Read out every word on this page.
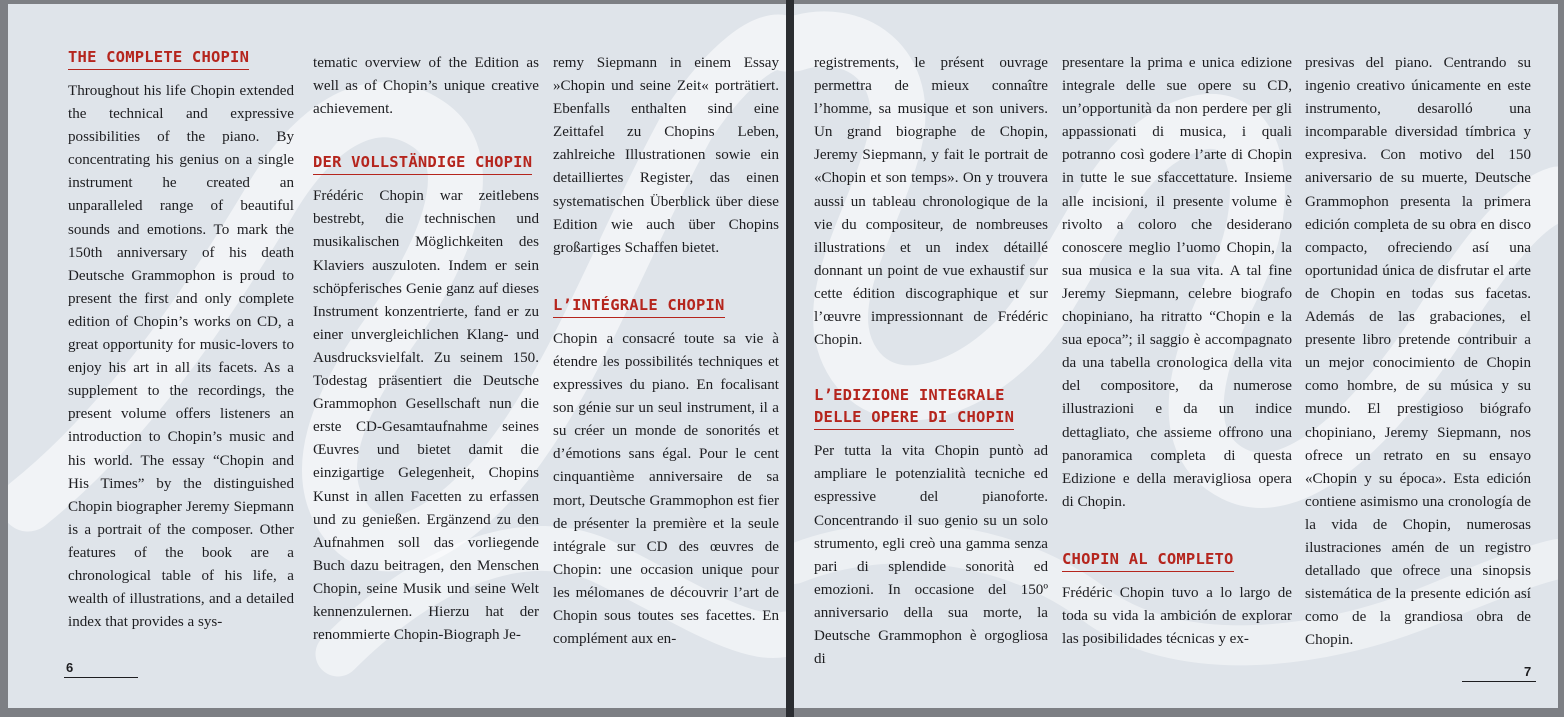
THE COMPLETE CHOPIN

Throughout his life Chopin extended the technical and expressive possibilities of the piano. By concentrating his genius on a single instrument he created an unparalleled range of beautiful sounds and emotions. To mark the 150th anniversary of his death Deutsche Grammophon is proud to present the first and only complete edition of Chopin’s works on CD, a great opportunity for music-lovers to enjoy his art in all its facets. As a supplement to the recordings, the present volume offers listeners an introduction to Chopin’s music and his world. The essay “Chopin and His Times” by the distinguished Chopin biographer Jeremy Siepmann is a portrait of the composer. Other features of the book are a chronological table of his life, a wealth of illustrations, and a detailed index that provides a sys-

tematic overview of the Edition as well as of Chopin’s unique creative achievement.

DER VOLLSTÄNDIGE CHOPIN

Frédéric Chopin war zeitlebens bestrebt, die technischen und musikalischen Möglichkeiten des Klaviers auszuloten. Indem er sein schöpferisches Genie ganz auf dieses Instrument konzentrierte, fand er zu einer unvergleichlichen Klang- und Ausdrucksvielfalt. Zu seinem 150. Todestag präsentiert die Deutsche Grammophon Gesellschaft nun die erste CD-Gesamtaufnahme seines Œuvres und bietet damit die einzigartige Gelegenheit, Chopins Kunst in allen Facetten zu erfassen und zu genießen. Ergänzend zu den Aufnahmen soll das vorliegende Buch dazu beitragen, den Menschen Chopin, seine Musik und seine Welt kennenzulernen. Hierzu hat der renommierte Chopin-Biograph Je-

remy Siepmann in einem Essay »Chopin und seine Zeit« porträtiert. Ebenfalls enthalten sind eine Zeittafel zu Chopins Leben, zahlreiche Illustrationen sowie ein detailliertes Register, das einen systematischen Überblick über diese Edition wie auch über Chopins großartiges Schaffen bietet.

L’INTÉGRALE CHOPIN

Chopin a consacré toute sa vie à étendre les possibilités techniques et expressives du piano. En focalisant son génie sur un seul instrument, il a su créer un monde de sonorités et d’émotions sans égal. Pour le cent cinquantième anniversaire de sa mort, Deutsche Grammophon est fier de présenter la première et la seule intégrale sur CD des œuvres de Chopin: une occasion unique pour les mélomanes de découvrir l’art de Chopin sous toutes ses facettes. En complément aux en-

6

registrements, le présent ouvrage permettra de mieux connaître l’homme, sa musique et son univers. Un grand biographe de Chopin, Jeremy Siepmann, y fait le portrait de «Chopin et son temps». On y trouvera aussi un tableau chronologique de la vie du compositeur, de nombreuses illustrations et un index détaillé donnant un point de vue exhaustif sur cette édition discographique et sur l’œuvre impressionnant de Frédéric Chopin.

L’EDIZIONE INTEGRALE
DELLE OPERE DI CHOPIN

Per tutta la vita Chopin puntò ad ampliare le potenzialità tecniche ed espressive del pianoforte. Concentrando il suo genio su un solo strumento, egli creò una gamma senza pari di splendide sonorità ed emozioni. In occasione del 150º anniversario della sua morte, la Deutsche Grammophon è orgogliosa di

presentare la prima e unica edizione integrale delle sue opere su CD, un’opportunità da non perdere per gli appassionati di musica, i quali potranno così godere l’arte di Chopin in tutte le sue sfaccettature. Insieme alle incisioni, il presente volume è rivolto a coloro che desiderano conoscere meglio l’uomo Chopin, la sua musica e la sua vita. A tal fine Jeremy Siepmann, celebre biografo chopiniano, ha ritratto “Chopin e la sua epoca”; il saggio è accompagnato da una tabella cronologica della vita del compositore, da numerose illustrazioni e da un indice dettagliato, che assieme offrono una panoramica completa di questa Edizione e della meravigliosa opera di Chopin.

CHOPIN AL COMPLETO

Frédéric Chopin tuvo a lo largo de toda su vida la ambición de explorar las posibilidades técnicas y ex-

presivas del piano. Centrando su ingenio creativo únicamente en este instrumento, desarolló una incomparable diversidad tímbrica y expresiva. Con motivo del 150 aniversario de su muerte, Deutsche Grammophon presenta la primera edición completa de su obra en disco compacto, ofreciendo así una oportunidad única de disfrutar el arte de Chopin en todas sus facetas. Además de las grabaciones, el presente libro pretende contribuir a un mejor conocimiento de Chopin como hombre, de su música y su mundo. El prestigioso biógrafo chopiniano, Jeremy Siepmann, nos ofrece un retrato en su ensayo «Chopin y su época». Esta edición contiene asimismo una cronología de la vida de Chopin, numerosas ilustraciones amén de un registro detallado que ofrece una sinopsis sistemática de la presente edición así como de la grandiosa obra de Chopin.

7
